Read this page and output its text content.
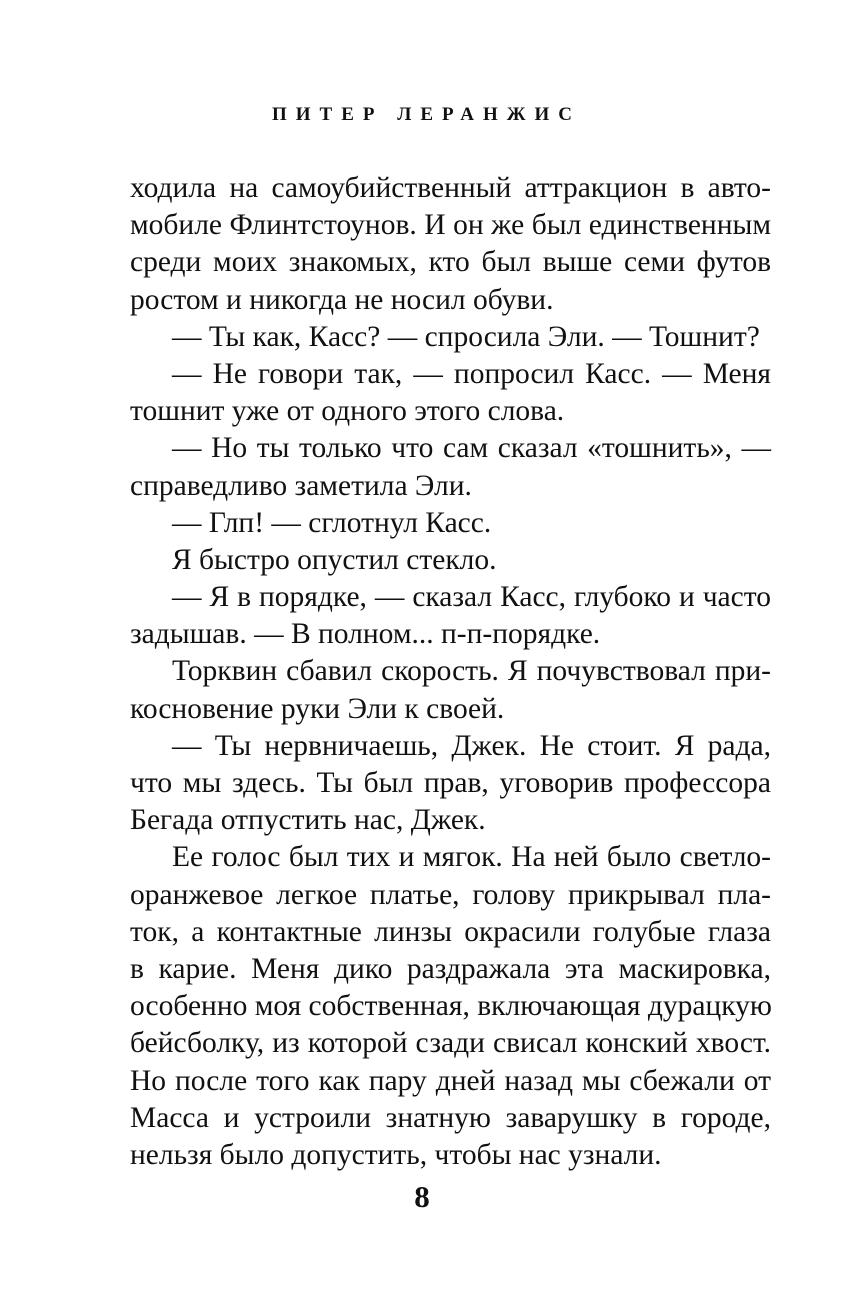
ПИТЕР ЛЕРАНЖИС
ходила на самоубийственный аттракцион в авто-
мобиле Флинтстоунов. И он же был единственным
среди моих знакомых, кто был выше семи футов
ростом и никогда не носил обуви.
— Ты как, Касс? — спросила Эли. — Тошнит?
— Не говори так, — попросил Касс. — Меня
тошнит уже от одного этого слова.
— Но ты только что сам сказал «тошнить», —
справедливо заметила Эли.
— Глп! — сглотнул Касс.
Я быстро опустил стекло.
— Я в порядке, — сказал Касс, глубоко и часто
задышав. — В полном... п-п-порядке.
Торквин сбавил скорость. Я почувствовал при-
косновение руки Эли к своей.
— Ты нервничаешь, Джек. Не стоит. Я рада,
что мы здесь. Ты был прав, уговорив профессора
Бегада отпустить нас, Джек.
Ее голос был тих и мягок. На ней было светло-
оранжевое легкое платье, голову прикрывал пла-
ток, а контактные линзы окрасили голубые глаза
в карие. Меня дико раздражала эта маскировка,
особенно моя собственная, включающая дурацкую
бейсболку, из которой сзади свисал конский хвост.
Но после того как пару дней назад мы сбежали от
Масса и устроили знатную заварушку в городе,
нельзя было допустить, чтобы нас узнали.
8
